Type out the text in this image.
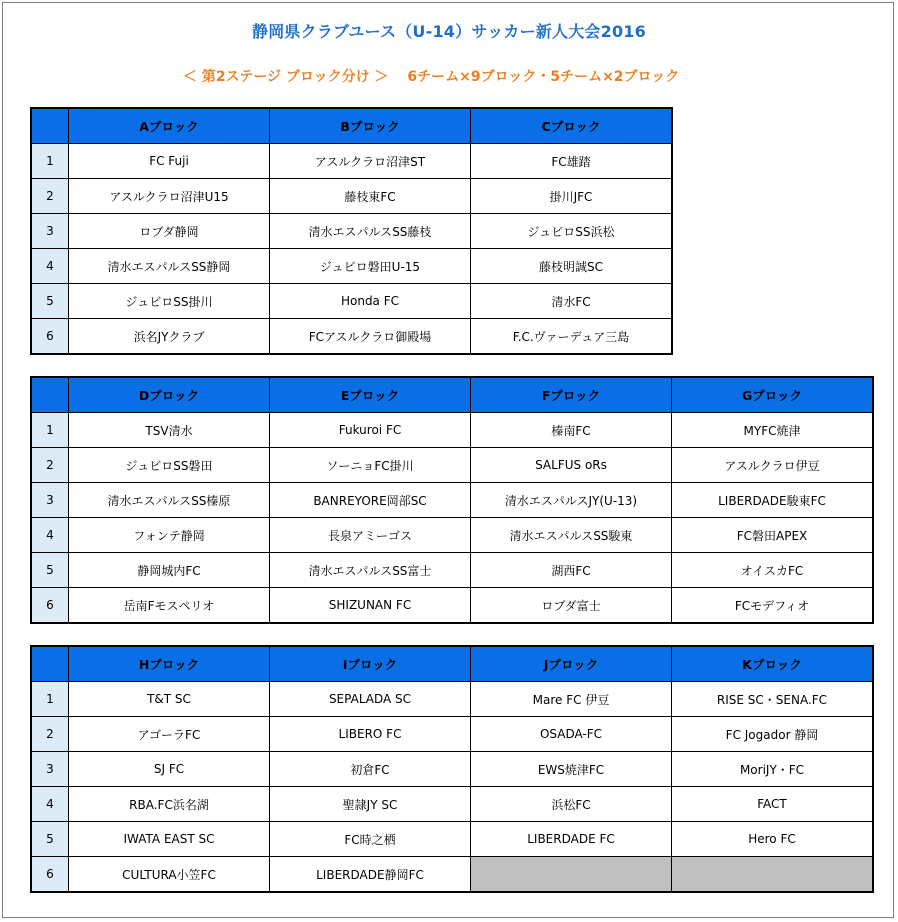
静岡県クラブユース（U-14）サッカー新人大会2016
＜ 第2ステージ ブロック分け ＞　 6チーム×9ブロック・5チーム×2ブロック
	Aブロック	Bブロック	Cブロック
1	FC Fuji	アスルクラロ沼津ST	FC雄踏
2	アスルクラロ沼津U15	藤枝東FC	掛川JFC
3	ロブダ静岡	清水エスパルスSS藤枝	ジュビロSS浜松
4	清水エスパルスSS静岡	ジュビロ磐田U-15	藤枝明誠SC
5	ジュビロSS掛川	Honda FC	清水FC
6	浜名JYクラブ	FCアスルクラロ御殿場	F.C.ヴァーデュア三島
	Dブロック	Eブロック	Fブロック	Gブロック
1	TSV清水	Fukuroi FC	榛南FC	MYFC焼津
2	ジュビロSS磐田	ソーニョFC掛川	SALFUS oRs	アスルクラロ伊豆
3	清水エスパルスSS榛原	BANREYORE岡部SC	清水エスパルスJY(U-13)	LIBERDADE駿東FC
4	フォンテ静岡	長泉アミーゴス	清水エスパルスSS駿東	FC磐田APEX
5	静岡城内FC	清水エスパルスSS富士	湖西FC	オイスカFC
6	岳南Fモスペリオ	SHIZUNAN FC	ロブダ富士	FCモデフィオ
	Hブロック	Iブロック	Jブロック	Kブロック
1	T&T SC	SEPALADA SC	Mare FC 伊豆	RISE SC・SENA.FC
2	アゴーラFC	LIBERO FC	OSADA-FC	FC Jogador 静岡
3	SJ FC	初倉FC	EWS焼津FC	MoriJY・FC
4	RBA.FC浜名湖	聖隷JY SC	浜松FC	FACT
5	IWATA EAST SC	FC時之栖	LIBERDADE FC	Hero FC
6	CULTURA小笠FC	LIBERDADE静岡FC		
